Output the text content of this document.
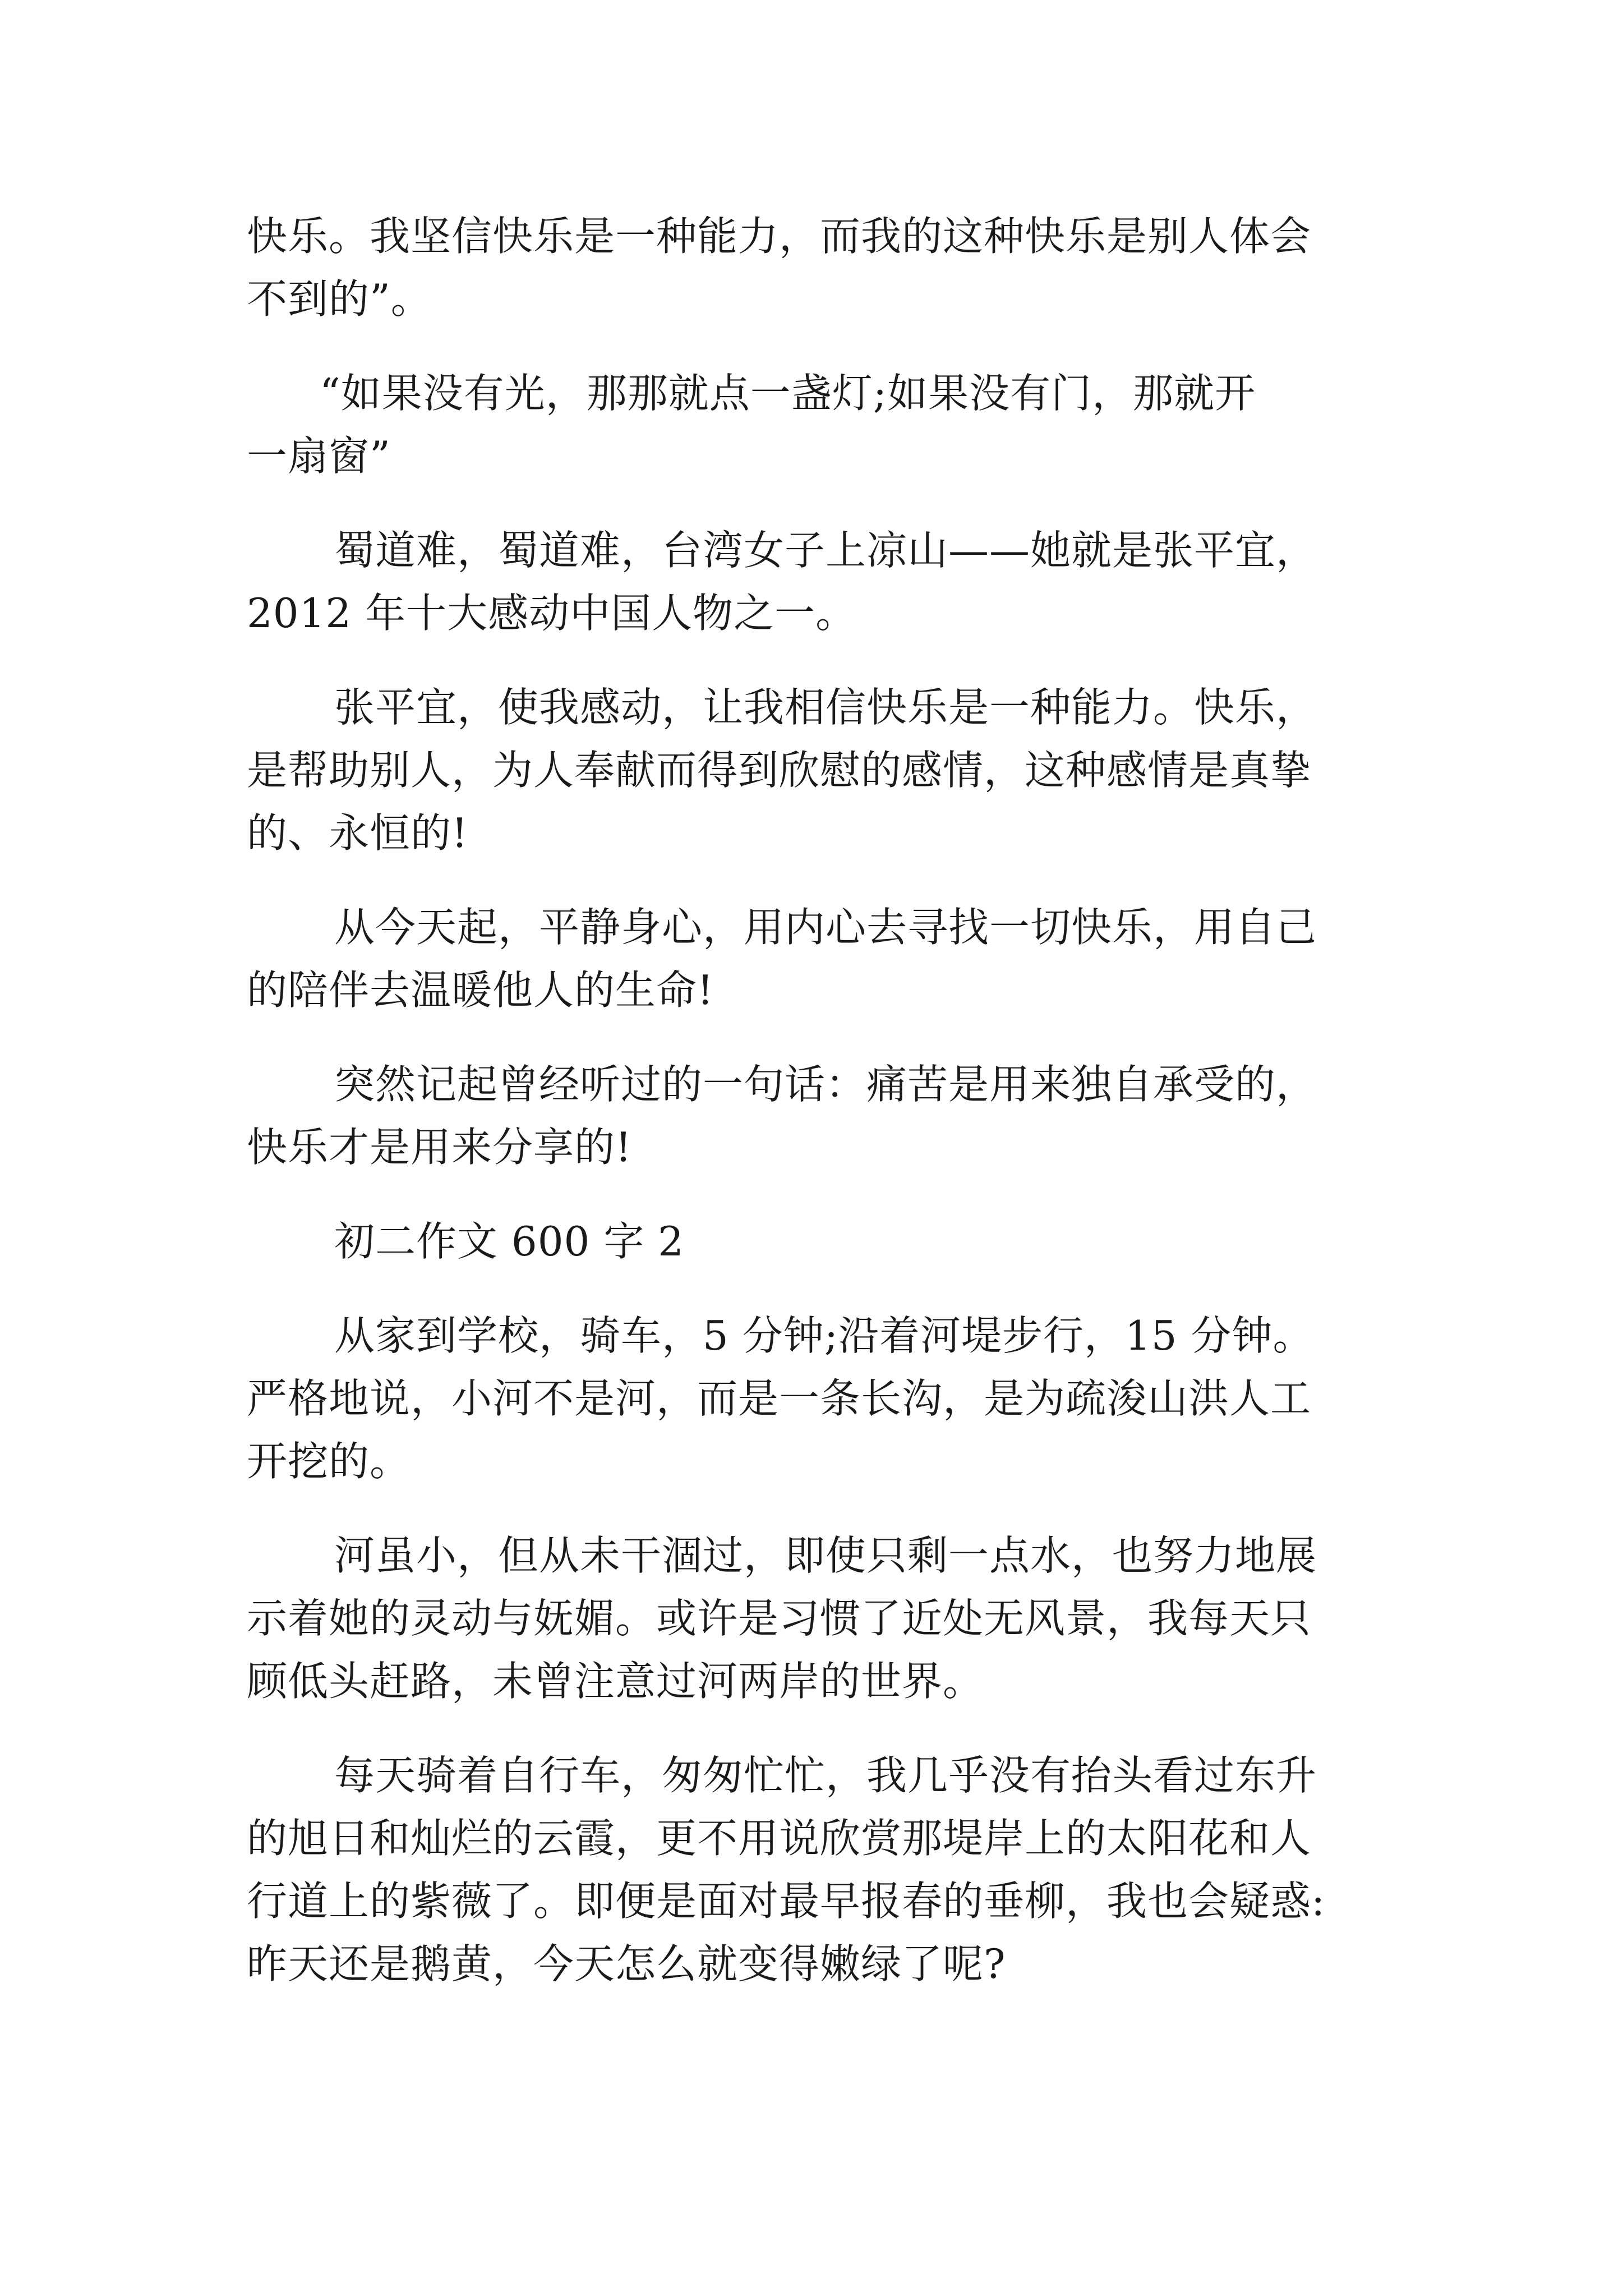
快乐。我坚信快乐是一种能力，而我的这种快乐是别人体会
不到的”。
“如果没有光，那那就点一盏灯;如果没有门，那就开
一扇窗”
蜀道难，蜀道难，台湾女子上凉山——她就是张平宜，
2012 年十大感动中国人物之一。
张平宜，使我感动，让我相信快乐是一种能力。快乐，
是帮助别人，为人奉献而得到欣慰的感情，这种感情是真挚
的、永恒的!
从今天起，平静身心，用内心去寻找一切快乐，用自己
的陪伴去温暖他人的生命!
突然记起曾经听过的一句话：痛苦是用来独自承受的，
快乐才是用来分享的!
初二作文 600 字 2
从家到学校，骑车，5 分钟;沿着河堤步行，15 分钟。
严格地说，小河不是河，而是一条长沟，是为疏浚山洪人工
开挖的。
河虽小，但从未干涸过，即使只剩一点水，也努力地展
示着她的灵动与妩媚。或许是习惯了近处无风景，我每天只
顾低头赶路，未曾注意过河两岸的世界。
每天骑着自行车，匆匆忙忙，我几乎没有抬头看过东升
的旭日和灿烂的云霞，更不用说欣赏那堤岸上的太阳花和人
行道上的紫薇了。即便是面对最早报春的垂柳，我也会疑惑:
昨天还是鹅黄，今天怎么就变得嫩绿了呢?
